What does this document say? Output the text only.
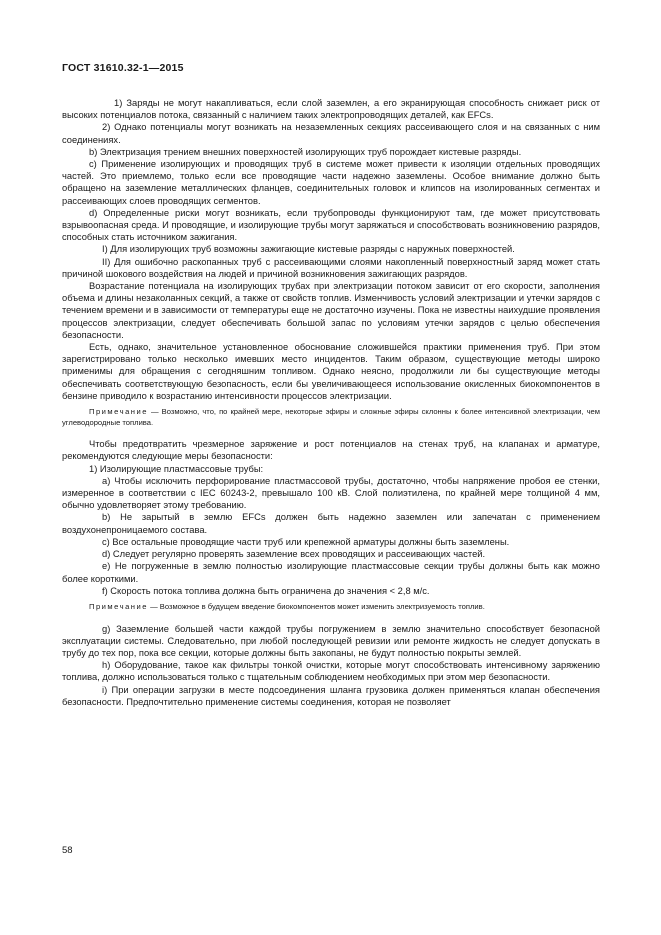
ГОСТ 31610.32-1—2015

1) Заряды не могут накапливаться, если слой заземлен, а его экранирующая способность снижает риск от высоких потенциалов потока, связанный с наличием таких электропроводящих деталей, как EFCs.

2) Однако потенциалы могут возникать на незаземленных секциях рассеивающего слоя и на связанных с ним соединениях.

b) Электризация трением внешних поверхностей изолирующих труб порождает кистевые разряды.

c) Применение изолирующих и проводящих труб в системе может привести к изоляции отдельных проводящих частей. Это приемлемо, только если все проводящие части надежно заземлены. Особое внимание должно быть обращено на заземление металлических фланцев, соединительных головок и клипсов на изолированных сегментах и рассеивающих слоев проводящих сегментов.

d) Определенные риски могут возникать, если трубопроводы функционируют там, где может присутствовать взрывоопасная среда. И проводящие, и изолирующие трубы могут заряжаться и способствовать возникновению разрядов, способных стать источником зажигания.

I) Для изолирующих труб возможны зажигающие кистевые разряды с наружных поверхностей.

II) Для ошибочно раскопанных труб с рассеивающими слоями накопленный поверхностный заряд может стать причиной шокового воздействия на людей и причиной возникновения зажигающих разрядов.

Возрастание потенциала на изолирующих трубах при электризации потоком зависит от его скорости, заполнения объема и длины незаколанных секций, а также от свойств топлив. Изменчивость условий электризации и утечки зарядов с течением времени и в зависимости от температуры еще не достаточно изучены. Пока не известны наихудшие проявления процессов электризации, следует обеспечивать большой запас по условиям утечки зарядов с целью обеспечения безопасности.

Есть, однако, значительное установленное обоснование сложившейся практики применения труб. При этом зарегистрировано только несколько имевших место инцидентов. Таким образом, существующие методы широко применимы для обращения с сегодняшним топливом. Однако неясно, продолжили ли бы существующие методы обеспечивать соответствующую безопасность, если бы увеличивающееся использование окисленных биокомпонентов в бензине приводило к возрастанию интенсивности процессов электризации.

Примечание — Возможно, что, по крайней мере, некоторые эфиры и сложные эфиры склонны к более интенсивной электризации, чем углеводородные топлива.

Чтобы предотвратить чрезмерное заряжение и рост потенциалов на стенах труб, на клапанах и арматуре, рекомендуются следующие меры безопасности:

1) Изолирующие пластмассовые трубы:

a) Чтобы исключить перфорирование пластмассовой трубы, достаточно, чтобы напряжение пробоя ее стенки, измеренное в соответствии с IEC 60243-2, превышало 100 кВ. Слой полиэтилена, по крайней мере толщиной 4 мм, обычно удовлетворяет этому требованию.

b) Не зарытый в землю EFCs должен быть надежно заземлен или запечатан с применением воздухонепроницаемого состава.

c) Все остальные проводящие части труб или крепежной арматуры должны быть заземлены.

d) Следует регулярно проверять заземление всех проводящих и рассеивающих частей.

e) Не погруженные в землю полностью изолирующие пластмассовые секции трубы должны быть как можно более короткими.

f) Скорость потока топлива должна быть ограничена до значения < 2,8 м/с.

Примечание — Возможное в будущем введение биокомпонентов может изменить электризуемость топлив.

g) Заземление большей части каждой трубы погружением в землю значительно способствует безопасной эксплуатации системы. Следовательно, при любой последующей ревизии или ремонте жидкость не следует допускать в трубу до тех пор, пока все секции, которые должны быть закопаны, не будут полностью покрыты землей.

h) Оборудование, такое как фильтры тонкой очистки, которые могут способствовать интенсивному заряжению топлива, должно использоваться только с тщательным соблюдением необходимых при этом мер безопасности.

i) При операции загрузки в месте подсоединения шланга грузовика должен применяться клапан обеспечения безопасности. Предпочтительно применение системы соединения, которая не позволяет

58
